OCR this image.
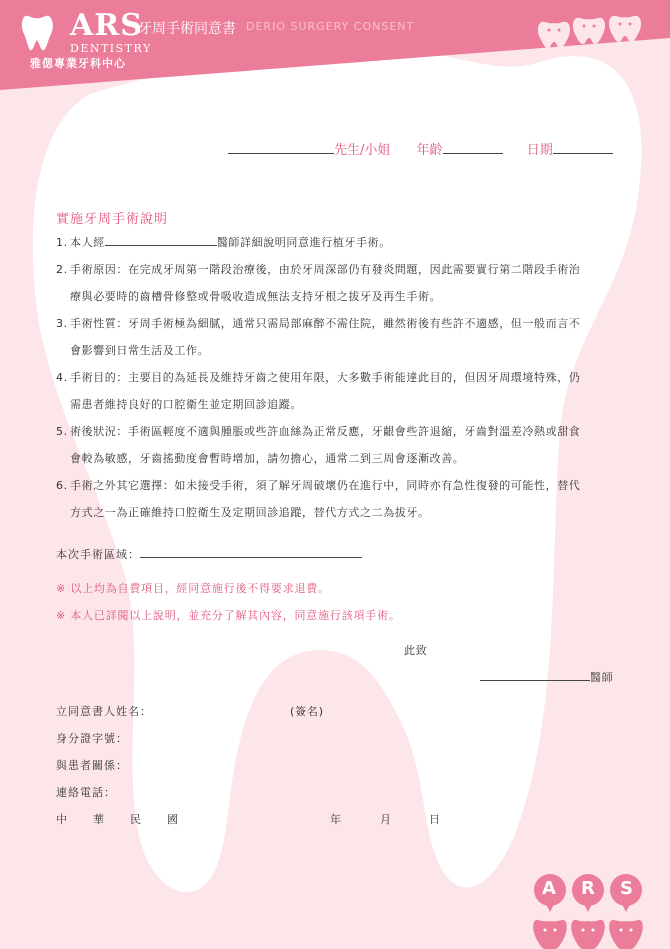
ARS
DENTISTRY
雅偲專業牙科中心
牙周手術同意書 DERIO SURGERY CONSENT
先生/小姐 年齡	日期
實施牙周手術說明
1. 本人經	醫師詳細說明同意進行植牙手術。
2. 手術原因：在完成牙周第一階段治療後，由於牙周深部仍有發炎問題，因此需要實行第二階段手術治
療與必要時的齒槽骨修整或骨吸收造成無法支持牙根之拔牙及再生手術。
3. 手術性質：牙周手術極為細膩，通常只需局部麻醉不需住院，雖然術後有些許不適感，但一般而言不
會影響到日常生活及工作。
4. 手術目的：主要目的為延長及維持牙齒之使用年限，大多數手術能達此目的，但因牙周環境特殊，仍
需患者維持良好的口腔衛生並定期回診追蹤。
5. 術後狀況：手術區輕度不適與腫脹或些許血絲為正常反應，牙齦會些許退縮，牙齒對溫差冷熱或甜食
會較為敏感，牙齒搖動度會暫時增加，請勿擔心，通常二到三周會逐漸改善。
6. 手術之外其它選擇：如未接受手術，須了解牙周破壞仍在進行中，同時亦有急性復發的可能性，替代
方式之一為正確維持口腔衛生及定期回診追蹤，替代方式之二為拔牙。
本次手術區域：
※ 以上均為自費項目，經同意施行後不得要求退費。
※ 本人已詳閱以上說明，並充分了解其內容，同意施行該項手術。
此致
醫師
立同意書人姓名：	(簽名)
身分證字號：
與患者關係：
連絡電話：
中 華 民 國	年	月	日
A R S
